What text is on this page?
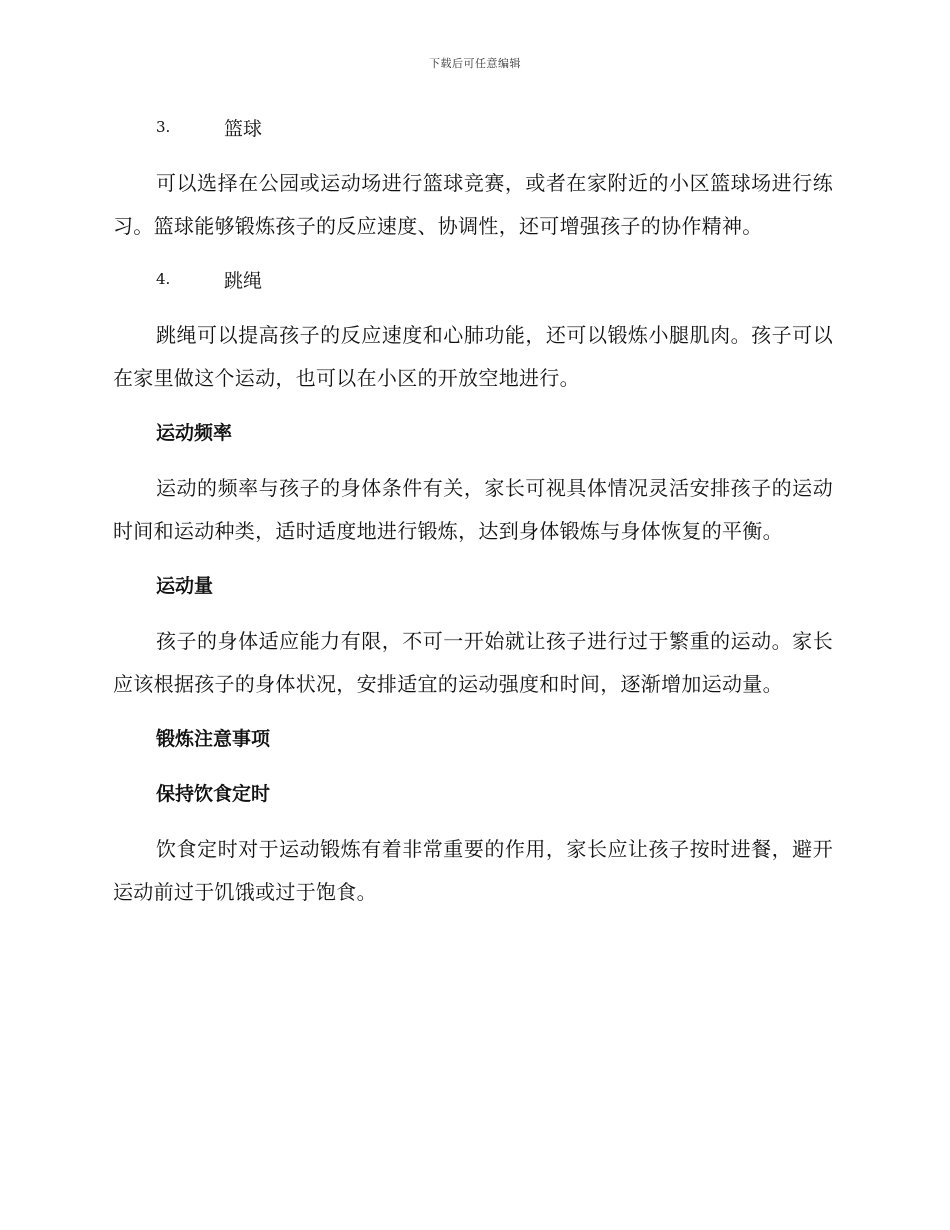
下载后可任意编辑
3.	篮球

可以选择在公园或运动场进行篮球竞赛，或者在家附近的小区篮球场进行练习。篮球能够锻炼孩子的反应速度、协调性，还可增强孩子的协作精神。

4.	跳绳

跳绳可以提高孩子的反应速度和心肺功能，还可以锻炼小腿肌肉。孩子可以在家里做这个运动，也可以在小区的开放空地进行。

运动频率

运动的频率与孩子的身体条件有关，家长可视具体情况灵活安排孩子的运动时间和运动种类，适时适度地进行锻炼，达到身体锻炼与身体恢复的平衡。

运动量

孩子的身体适应能力有限，不可一开始就让孩子进行过于繁重的运动。家长应该根据孩子的身体状况，安排适宜的运动强度和时间，逐渐增加运动量。

锻炼注意事项
保持饮食定时

饮食定时对于运动锻炼有着非常重要的作用，家长应让孩子按时进餐，避开运动前过于饥饿或过于饱食。
